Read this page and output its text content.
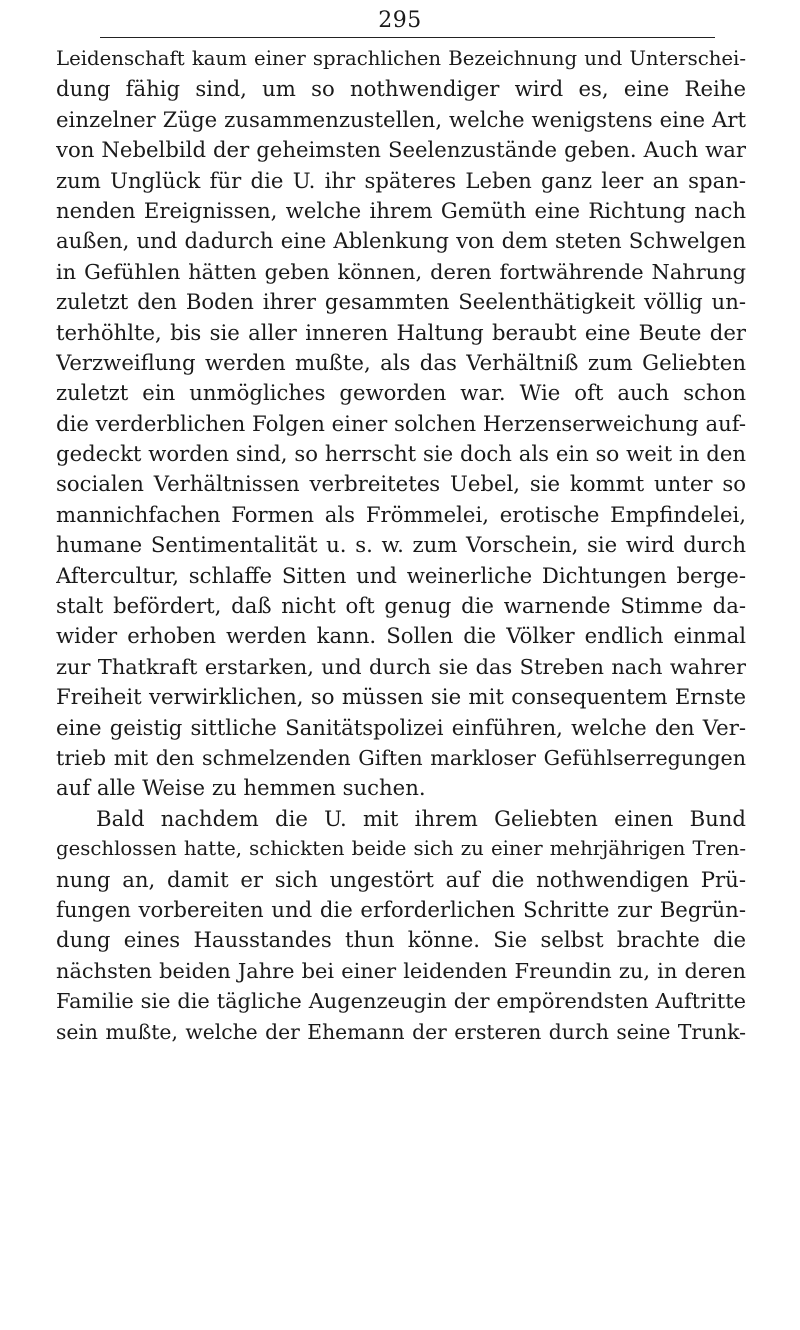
295
Leidenschaft kaum einer sprachlichen Bezeichnung und Unterschei-
dung fähig sind, um so nothwendiger wird es, eine Reihe
einzelner Züge zusammenzustellen, welche wenigstens eine Art
von Nebelbild der geheimsten Seelenzustände geben. Auch war
zum Unglück für die U. ihr späteres Leben ganz leer an span-
nenden Ereignissen, welche ihrem Gemüth eine Richtung nach
außen, und dadurch eine Ablenkung von dem steten Schwelgen
in Gefühlen hätten geben können, deren fortwährende Nahrung
zuletzt den Boden ihrer gesammten Seelenthätigkeit völlig un-
terhöhlte, bis sie aller inneren Haltung beraubt eine Beute der
Verzweiflung werden mußte, als das Verhältniß zum Geliebten
zuletzt ein unmögliches geworden war. Wie oft auch schon
die verderblichen Folgen einer solchen Herzenserweichung auf-
gedeckt worden sind, so herrscht sie doch als ein so weit in den
socialen Verhältnissen verbreitetes Uebel, sie kommt unter so
mannichfachen Formen als Frömmelei, erotische Empfindelei,
humane Sentimentalität u. s. w. zum Vorschein, sie wird durch
Aftercultur, schlaffe Sitten und weinerliche Dichtungen berge-
stalt befördert, daß nicht oft genug die warnende Stimme da-
wider erhoben werden kann. Sollen die Völker endlich einmal
zur Thatkraft erstarken, und durch sie das Streben nach wahrer
Freiheit verwirklichen, so müssen sie mit consequentem Ernste
eine geistig sittliche Sanitätspolizei einführen, welche den Ver-
trieb mit den schmelzenden Giften markloser Gefühlserregungen
auf alle Weise zu hemmen suchen.
Bald nachdem die U. mit ihrem Geliebten einen Bund
geschlossen hatte, schickten beide sich zu einer mehrjährigen Tren-
nung an, damit er sich ungestört auf die nothwendigen Prü-
fungen vorbereiten und die erforderlichen Schritte zur Begrün-
dung eines Hausstandes thun könne. Sie selbst brachte die
nächsten beiden Jahre bei einer leidenden Freundin zu, in deren
Familie sie die tägliche Augenzeugin der empörendsten Auftritte
sein mußte, welche der Ehemann der ersteren durch seine Trunk-
